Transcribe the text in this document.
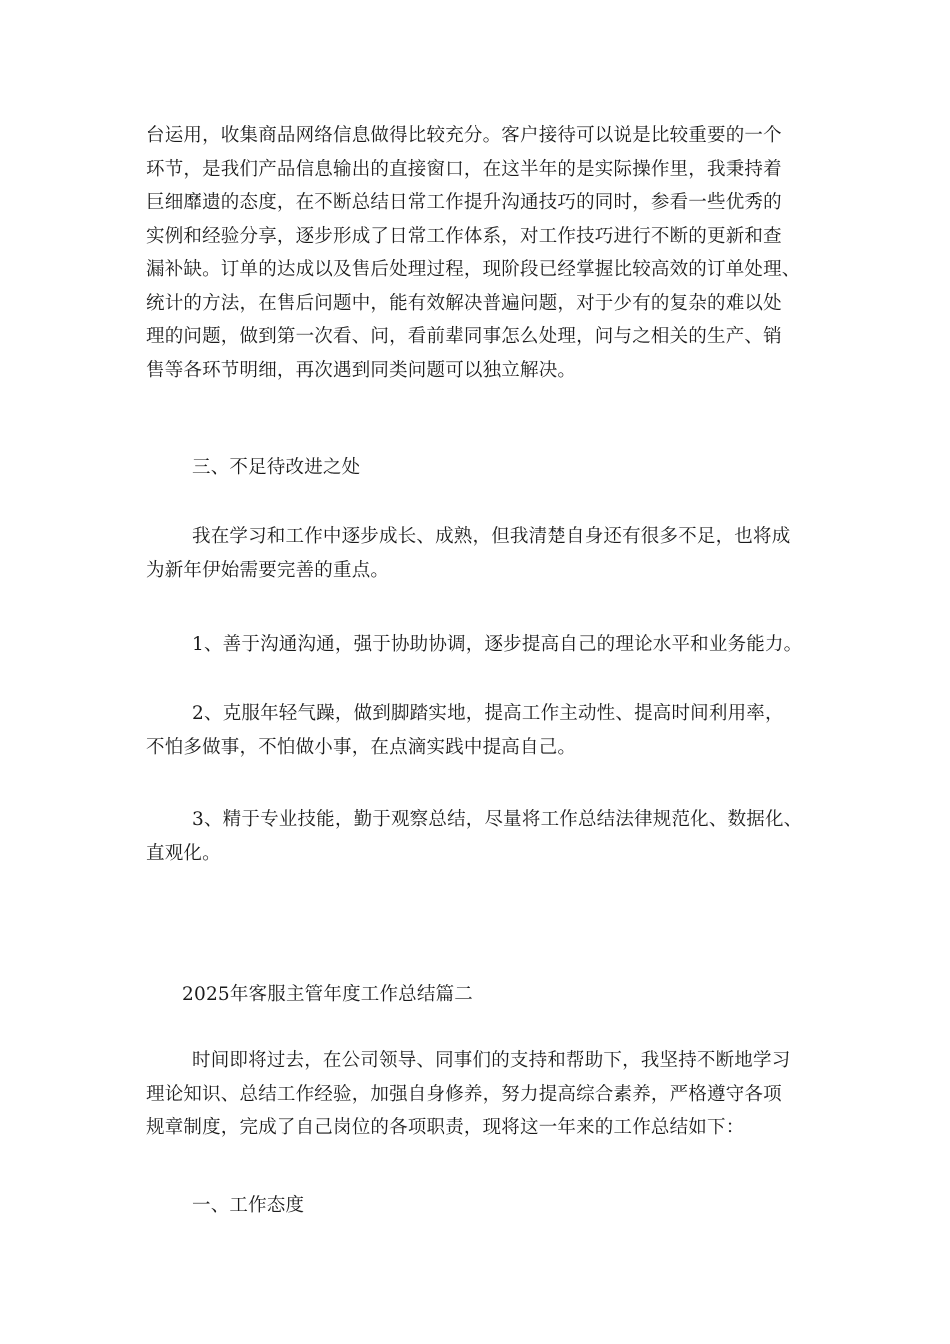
台运用，收集商品网络信息做得比较充分。客户接待可以说是比较重要的一个
环节，是我们产品信息输出的直接窗口，在这半年的是实际操作里，我秉持着
巨细靡遗的态度，在不断总结日常工作提升沟通技巧的同时，参看一些优秀的
实例和经验分享，逐步形成了日常工作体系，对工作技巧进行不断的更新和查
漏补缺。订单的达成以及售后处理过程，现阶段已经掌握比较高效的订单处理、
统计的方法，在售后问题中，能有效解决普遍问题，对于少有的复杂的难以处
理的问题，做到第一次看、问，看前辈同事怎么处理，问与之相关的生产、销
售等各环节明细，再次遇到同类问题可以独立解决。

三、不足待改进之处

我在学习和工作中逐步成长、成熟，但我清楚自身还有很多不足，也将成
为新年伊始需要完善的重点。

1、善于沟通沟通，强于协助协调，逐步提高自己的理论水平和业务能力。

2、克服年轻气躁，做到脚踏实地，提高工作主动性、提高时间利用率，
不怕多做事，不怕做小事，在点滴实践中提高自己。

3、精于专业技能，勤于观察总结，尽量将工作总结法律规范化、数据化、
直观化。

2025年客服主管年度工作总结篇二

时间即将过去，在公司领导、同事们的支持和帮助下，我坚持不断地学习
理论知识、总结工作经验，加强自身修养，努力提高综合素养，严格遵守各项
规章制度，完成了自己岗位的各项职责，现将这一年来的工作总结如下：

一、工作态度
